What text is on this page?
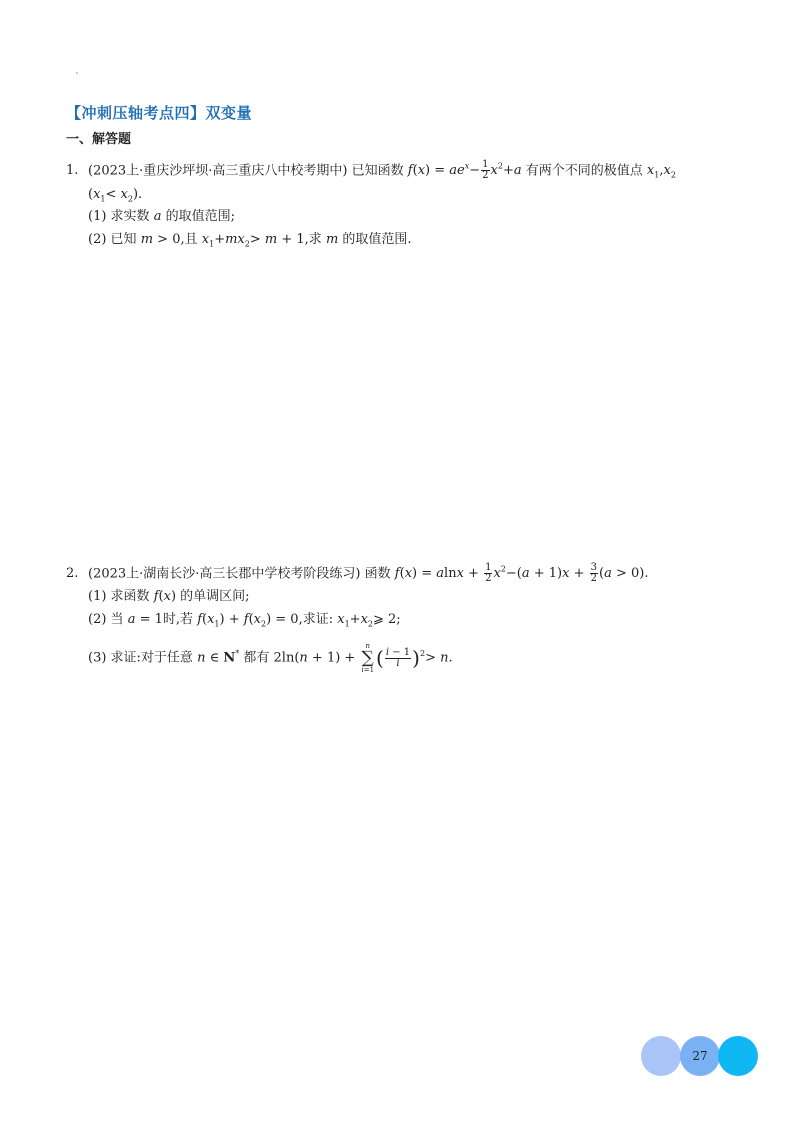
【冲刺压轴考点四】双变量
一、解答题
1. (2023上·重庆沙坪坝·高三重庆八中校考期中) 已知函数 $f(x) = ae^x- \frac{1}{2} x^2+a$ 有两个不同的极值点 $x_1,x_2$
$(x_1< x_2)$.
(1) 求实数 a 的取值范围;
(2) 已知 m > 0,且 $x_1+mx_2> m + 1$,求 m 的取值范围.
2. (2023上·湖南长沙·高三长郡中学校考阶段练习) 函数 $f(x) = alnx + \frac{1}{2} x^2-(a + 1)x + \frac{3}{2} (a > 0)$.
(1) 求函数 f(x) 的单调区间;
(2) 当 a = 1时,若 $f(x_1) + f(x_2) = 0$,求证: $x_1+x_2⩾$ 2;
(3) 求证:对于任意 n ∈ N* 都有 2ln(n + 1) +
n
∑
i=1 ( $\frac{i - 1}{i} )^2> n$.
27
